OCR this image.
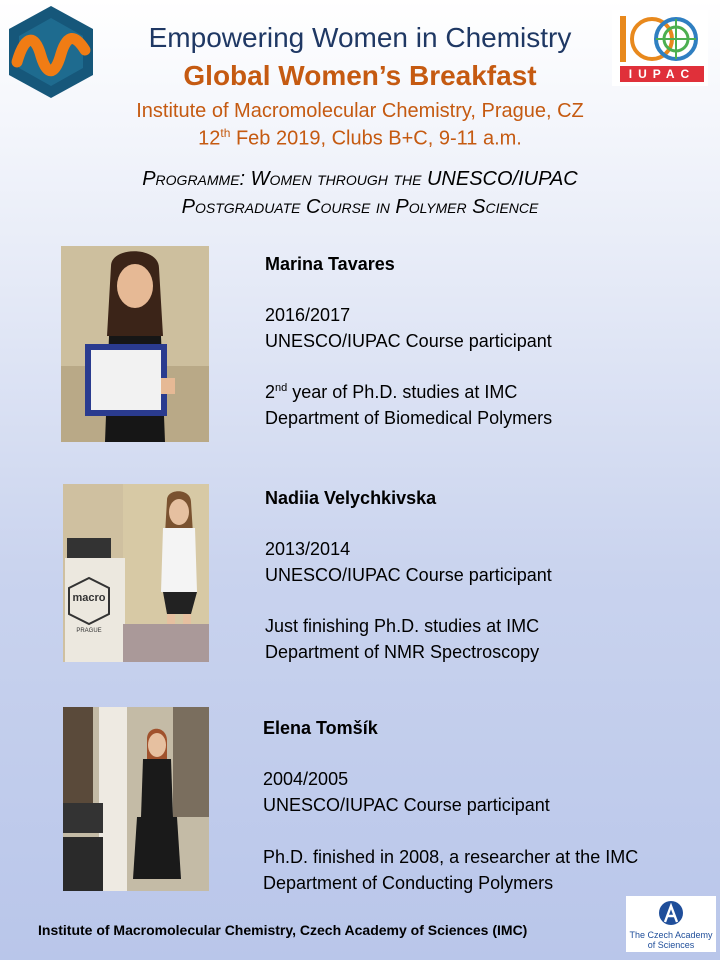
Empowering Women in Chemistry
Global Women’s Breakfast	IUPAC
Institute of Macromolecular Chemistry, Prague, CZ
12th Feb 2019, Clubs B+C, 9-11 a.m.
Programme: Women through the UNESCO/IUPAC
Postgraduate Course in Polymer Science
macro
PRAGUE
Marina Tavares
2016/2017
UNESCO/IUPAC Course participant
2nd year of Ph.D. studies at IMC
Department of Biomedical Polymers
Nadiia Velychkivska
2013/2014
UNESCO/IUPAC Course participant
Just finishing Ph.D. studies at IMC
Department of NMR Spectroscopy
Elena Tomšík
2004/2005
UNESCO/IUPAC Course participant
Ph.D. finished in 2008, a researcher at the IMC
Department of Conducting Polymers
Institute of Macromolecular Chemistry, Czech Academy of Sciences (IMC)	The Czech Academy
of Sciences
